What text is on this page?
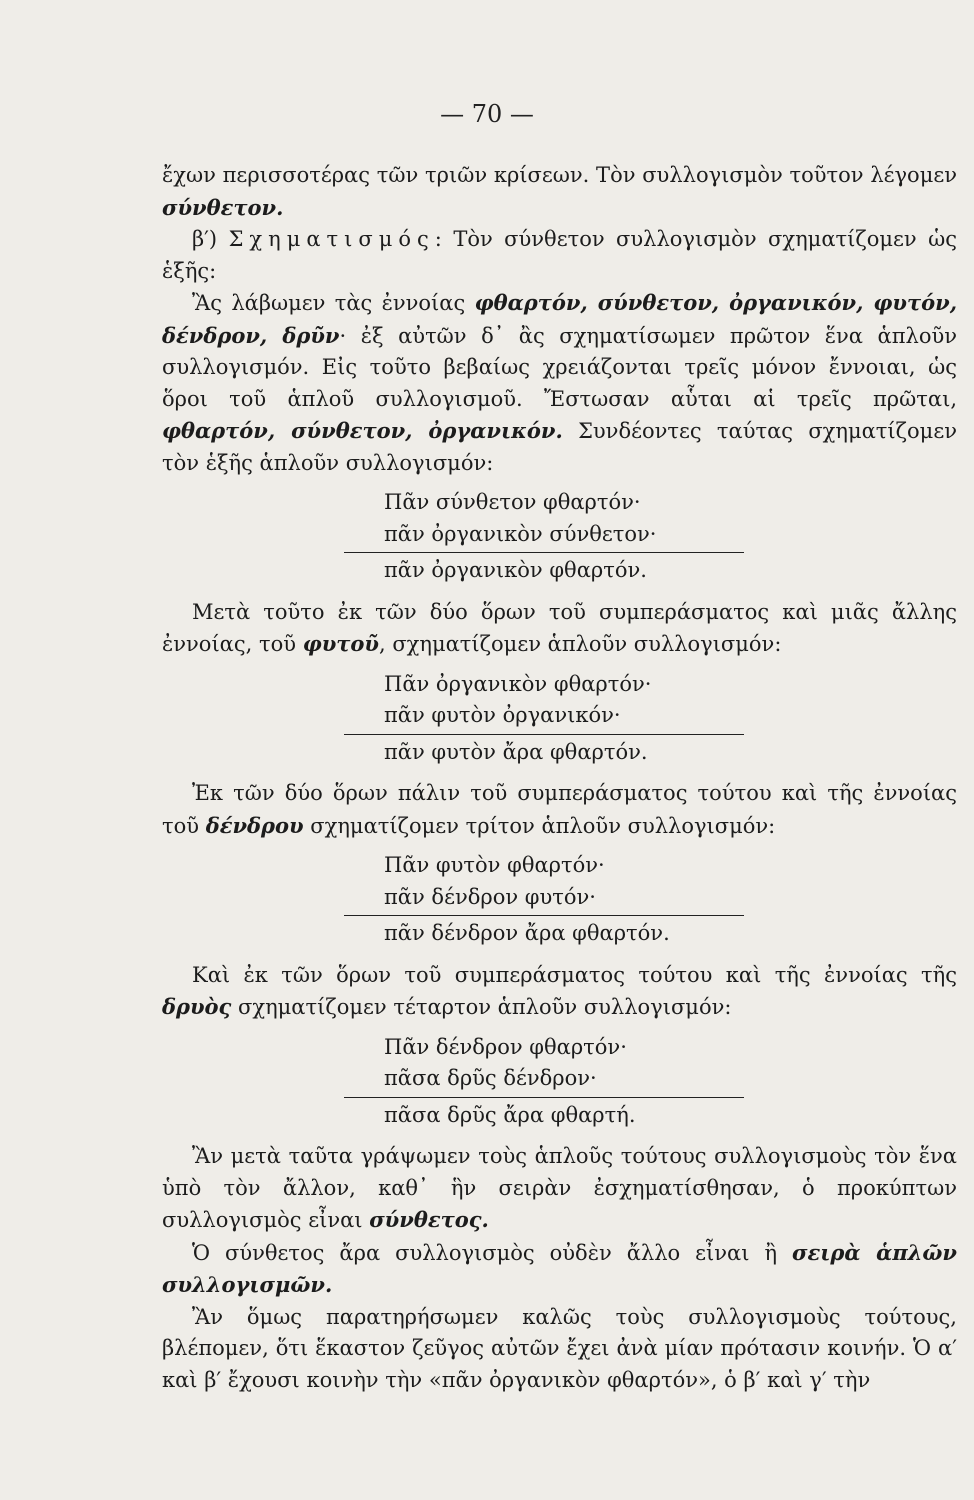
— 70 —

ἔχων περισσοτέρας τῶν τριῶν κρίσεων. Τὸν συλλογισμὸν τοῦτον λέγομεν σύνθετον.

β′) Σχηματισμός: Τὸν σύνθετον συλλογισμὸν σχηματίζομεν ὡς ἑξῆς:

Ἂς λάβωμεν τὰς ἐννοίας φθαρτόν, σύνθετον, ὀργανικόν, φυτόν, δένδρον, δρῦν· ἐξ αὐτῶν δ᾽ ἂς σχηματίσωμεν πρῶτον ἕνα ἁπλοῦν συλλογισμόν. Εἰς τοῦτο βεβαίως χρειάζονται τρεῖς μόνον ἔννοιαι, ὡς ὅροι τοῦ ἁπλοῦ συλλογισμοῦ. Ἔστωσαν αὗται αἱ τρεῖς πρῶται, φθαρτόν, σύνθετον, ὀργανικόν. Συνδέοντες ταύτας σχηματίζομεν τὸν ἑξῆς ἁπλοῦν συλλογισμόν:

Πᾶν σύνθετον φθαρτόν·
πᾶν ὀργανικὸν σύνθετον·
πᾶν ὀργανικὸν φθαρτόν.

Μετὰ τοῦτο ἐκ τῶν δύο ὅρων τοῦ συμπεράσματος καὶ μιᾶς ἄλλης ἐννοίας, τοῦ φυτοῦ, σχηματίζομεν ἁπλοῦν συλλογισμόν:

Πᾶν ὀργανικὸν φθαρτόν·
πᾶν φυτὸν ὀργανικόν·
πᾶν φυτὸν ἄρα φθαρτόν.

Ἐκ τῶν δύο ὅρων πάλιν τοῦ συμπεράσματος τούτου καὶ τῆς ἐννοίας τοῦ δένδρου σχηματίζομεν τρίτον ἁπλοῦν συλλογισμόν:

Πᾶν φυτὸν φθαρτόν·
πᾶν δένδρον φυτόν·
πᾶν δένδρον ἄρα φθαρτόν.

Καὶ ἐκ τῶν ὅρων τοῦ συμπεράσματος τούτου καὶ τῆς ἐννοίας τῆς δρυὸς σχηματίζομεν τέταρτον ἁπλοῦν συλλογισμόν:

Πᾶν δένδρον φθαρτόν·
πᾶσα δρῦς δένδρον·
πᾶσα δρῦς ἄρα φθαρτή.

Ἂν μετὰ ταῦτα γράψωμεν τοὺς ἁπλοῦς τούτους συλλογισμοὺς τὸν ἕνα ὑπὸ τὸν ἄλλον, καθ᾽ ἣν σειρὰν ἐσχηματίσθησαν, ὁ προκύπτων συλλογισμὸς εἶναι σύνθετος.

Ὁ σύνθετος ἄρα συλλογισμὸς οὐδὲν ἄλλο εἶναι ἢ σειρὰ ἁπλῶν συλλογισμῶν.

Ἂν ὅμως παρατηρήσωμεν καλῶς τοὺς συλλογισμοὺς τούτους, βλέπομεν, ὅτι ἕκαστον ζεῦγος αὐτῶν ἔχει ἀνὰ μίαν πρότασιν κοινήν. Ὁ α′ καὶ β′ ἔχουσι κοινὴν τὴν «πᾶν ὀργανικὸν φθαρτόν», ὁ β′ καὶ γ′ τὴν
